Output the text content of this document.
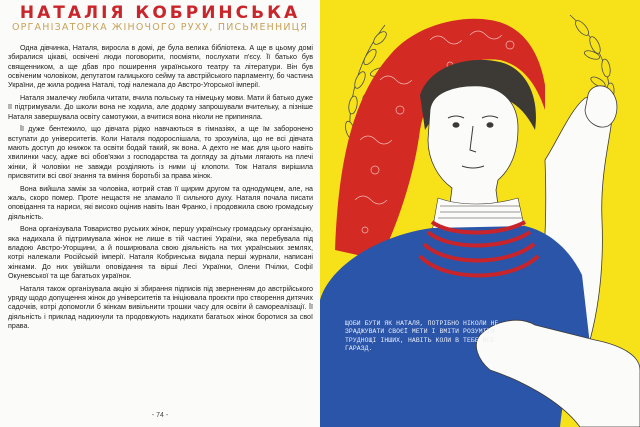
НАТАЛІЯ КОБРИНСЬКА
ОРГАНІЗАТОРКА ЖІНОЧОГО РУХУ, ПИСЬМЕННИЦЯ

Одна дівчинка, Наталя, виросла в домі, де була велика бібліотека. А ще в цьому домі збиралися цікаві, освічені люди поговорити, посміяти, послухати п'єсу. Її батько був священником, а ще дбав про поширення українського театру та літератури. Він був освіченим чоловіком, депутатом галицького сейму та австрійського парламенту, бо частина України, де жила родина Наталі, тоді належала до Австро-Угорської імперії.

Наталя змалечку любила читати, вчила польську та німецьку мови. Мати й батько дуже її підтримували. До школи вона не ходила, але додому запрошували вчительку, а пізніше Наталя завершувала освіту самотужки, а вчитися вона ніколи не припиняла.

Її дуже бентежило, що дівчата рідко навчаються в гімназіях, а ще їм заборонено вступати до університетів. Коли Наталя подорослішала, то зрозуміла, що не всі дівчата мають доступ до книжок та освіти бодай такий, як вона. А дехто не має для цього навіть хвилинки часу, адже всі обов'язки з господарства та догляду за дітьми лягають на плечі жінки, й чоловіки не завжди розділяють із ними ці клопоти. Тож Наталя вирішила присвятити всі свої знання та вміння боротьбі за права жінок.

Вона вийшла заміж за чоловіка, котрий став її щирим другом та однодумцем, але, на жаль, скоро помер. Проте нещастя не зламало її сильного духу. Наталя почала писати оповідання та нариси, які високо оцінив навіть Іван Франко, і продовжила свою громадську діяльність.

Вона організувала Товариство руських жінок, першу українську громадську організацію, яка надихала й підтримувала жінок не лише в тій частині України, яка перебувала під владою Австро-Угорщини, а й поширювала свою діяльність на тих українських землях, котрі належали Російській імперії. Наталя Кобринська видала перші журнали, написані жінками. До них увійшли оповідання та вірші Лесі Українки, Олени Пчілки, Софії Окуневської та ще багатьох українок.

Наталя також організувала акцію зі збирання підписів під зверненням до австрійського уряду щодо допущення жінок до університетів та ініціювала проєкти про створення дитячих садочків, котрі допомогли б жінкам вивільнити трошки часу для освіти й самореалізації. Її діяльність і приклад надихнули та продовжують надихати багатьох жінок боротися за свої права.

- 74 -
ЩОБИ БУТИ ЯК НАТАЛЯ, ПОТРІБНО НІКОЛИ НЕ ЗРАДЖУВАТИ СВОЄЇ МЕТИ І ВМІТИ РОЗУМІТИ ТРУДНОЩІ ІНШИХ, НАВІТЬ КОЛИ В ТЕБЕ ВСЕ ГАРАЗД.
